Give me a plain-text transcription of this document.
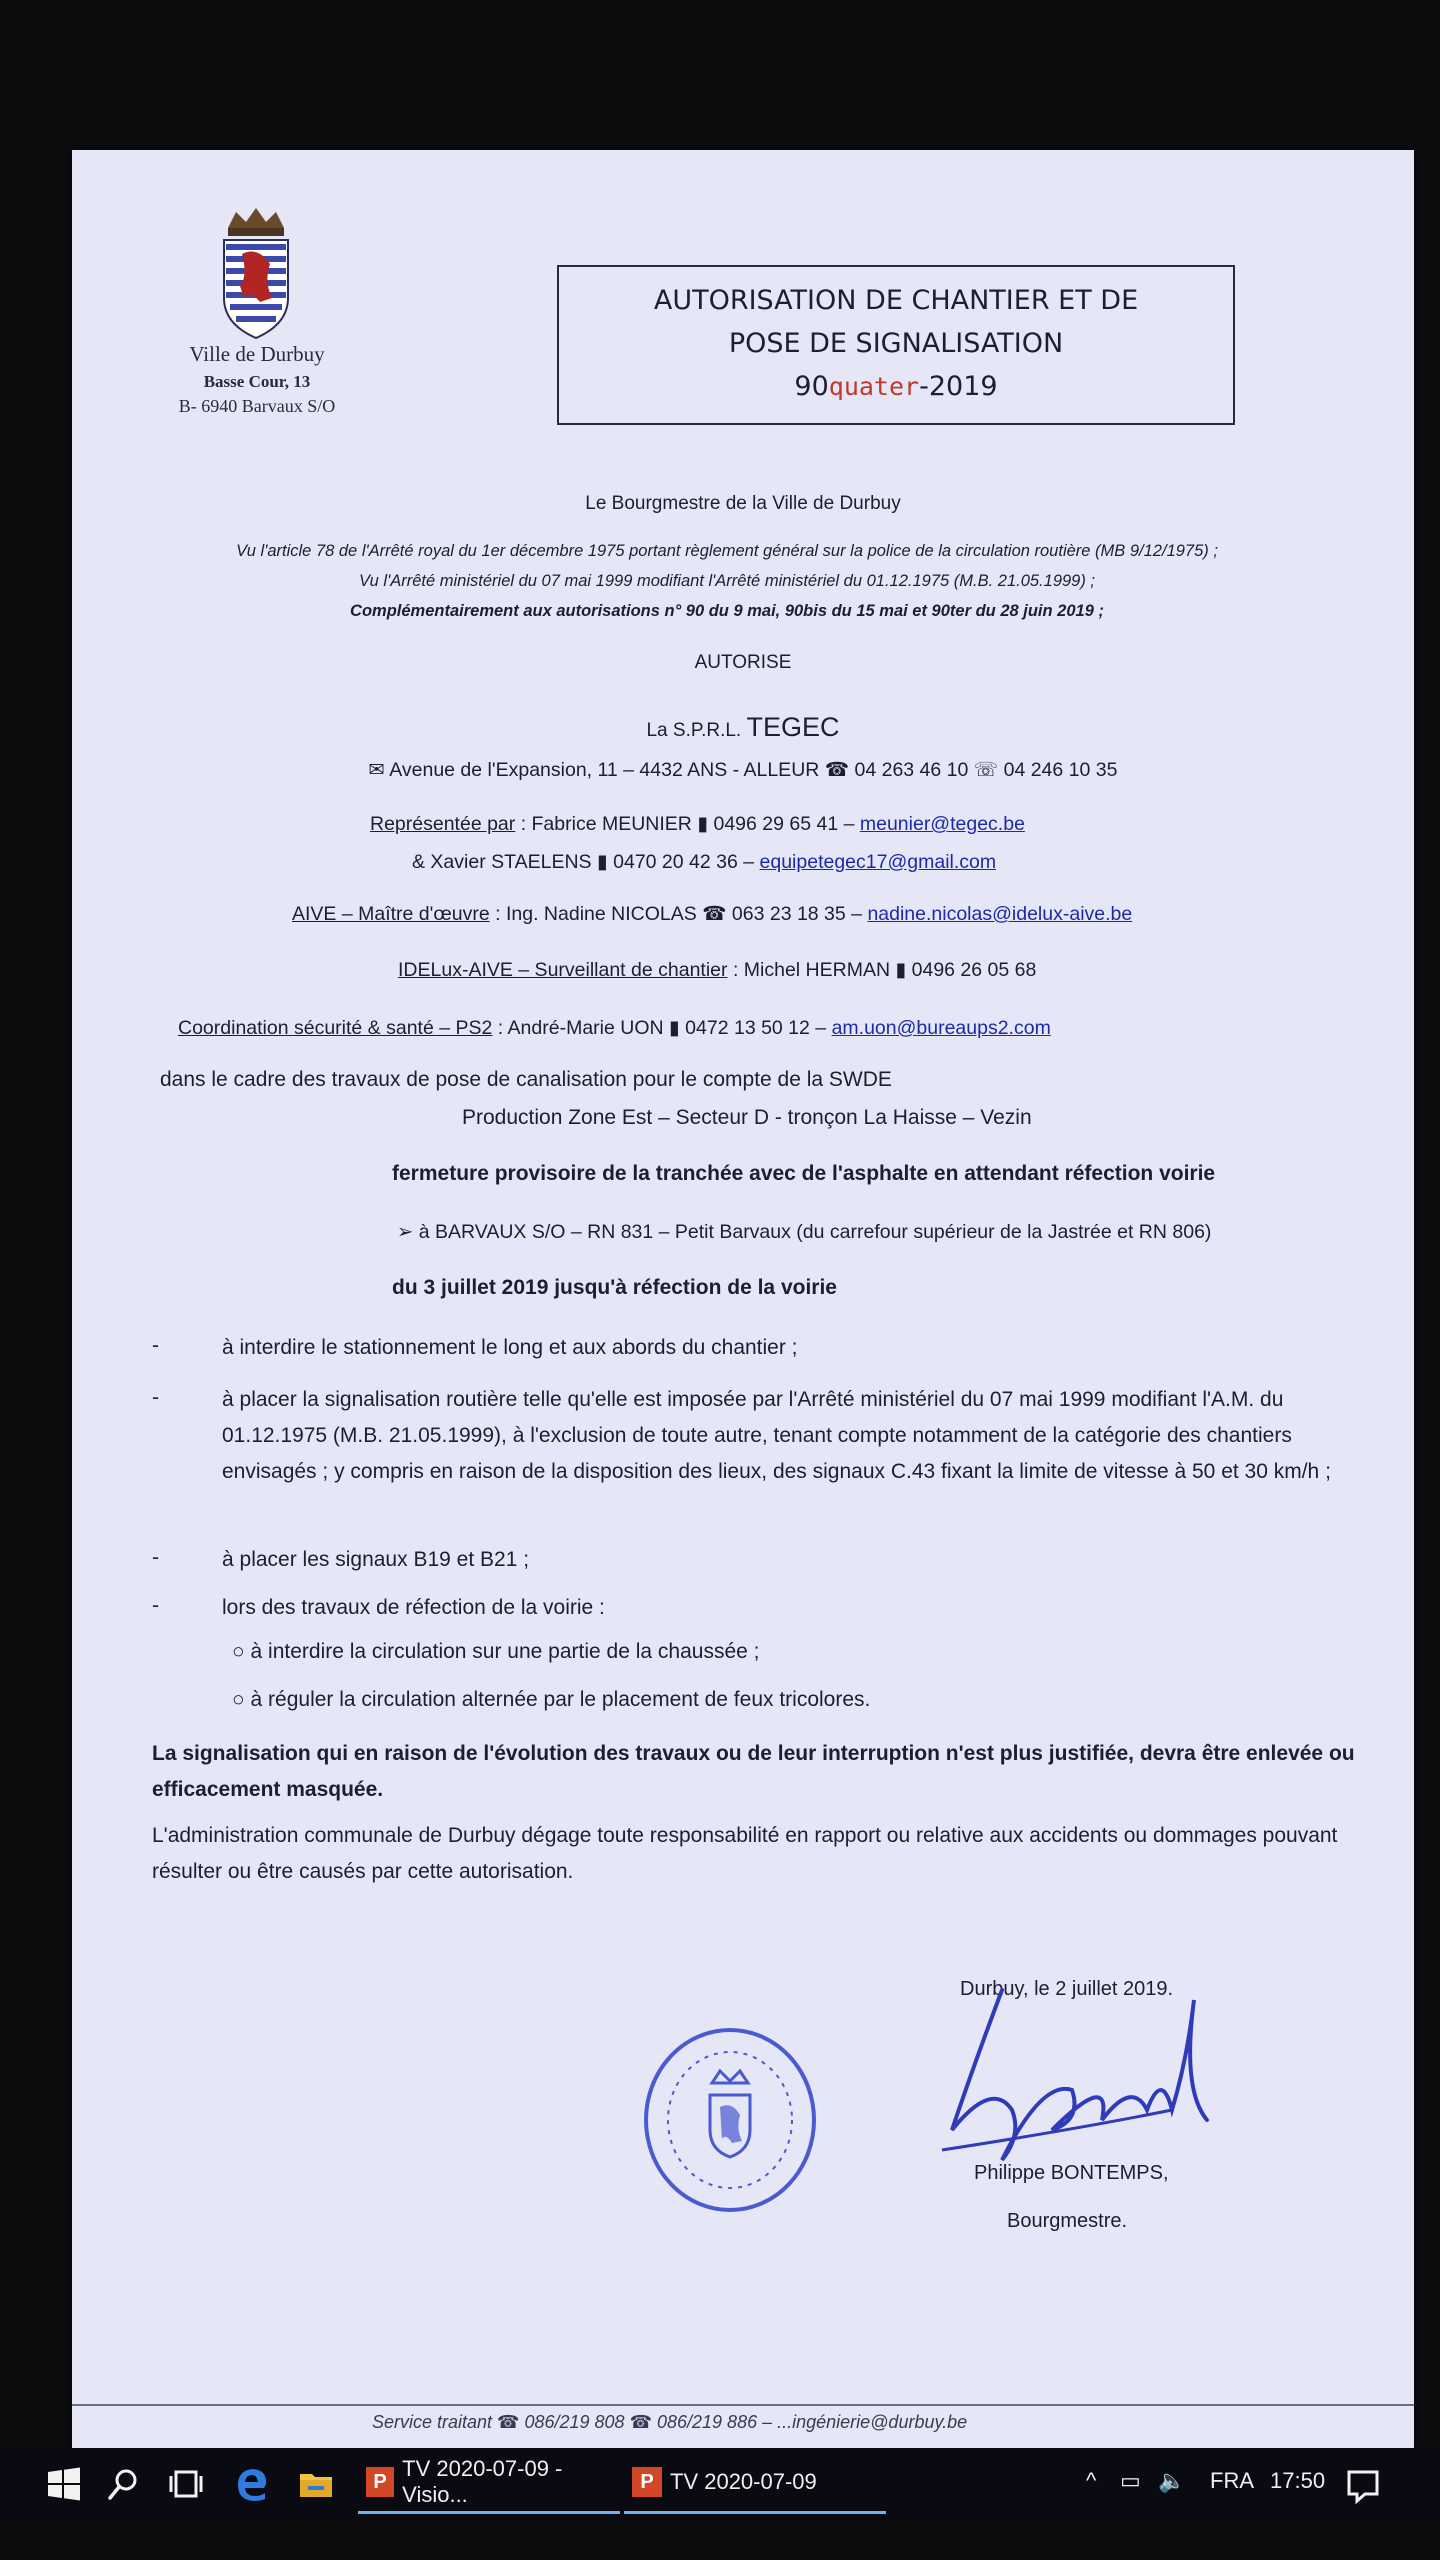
Ville de Durbuy
Basse Cour, 13
B- 6940 Barvaux S/O
AUTORISATION DE CHANTIER ET DE
POSE DE SIGNALISATION
90quater-2019
Le Bourgmestre de la Ville de Durbuy
Vu l'article 78 de l'Arrêté royal du 1er décembre 1975 portant règlement général sur la police de la circulation routière (MB 9/12/1975) ;
Vu l'Arrêté ministériel du 07 mai 1999 modifiant l'Arrêté ministériel du 01.12.1975 (M.B. 21.05.1999) ;
Complémentairement aux autorisations n° 90 du 9 mai, 90bis du 15 mai et 90ter du 28 juin 2019 ;
AUTORISE
La S.P.R.L. TEGEC
✉ Avenue de l'Expansion, 11 – 4432 ANS - ALLEUR ☎ 04 263 46 10 ☏ 04 246 10 35
Représentée par : Fabrice MEUNIER ▮ 0496 29 65 41 – meunier@tegec.be
& Xavier STAELENS ▮ 0470 20 42 36 – equipetegec17@gmail.com
AIVE – Maître d'œuvre : Ing. Nadine NICOLAS ☎ 063 23 18 35 – nadine.nicolas@idelux-aive.be
IDELux-AIVE – Surveillant de chantier : Michel HERMAN ▮ 0496 26 05 68
Coordination sécurité & santé – PS2 : André-Marie UON ▮ 0472 13 50 12 – am.uon@bureaups2.com
dans le cadre des travaux de pose de canalisation pour le compte de la SWDE
Production Zone Est – Secteur D - tronçon La Haisse – Vezin
fermeture provisoire de la tranchée avec de l'asphalte en attendant réfection voirie
➢ à BARVAUX S/O – RN 831 – Petit Barvaux (du carrefour supérieur de la Jastrée et RN 806)
du 3 juillet 2019 jusqu'à réfection de la voirie
-	à interdire le stationnement le long et aux abords du chantier ;
-	à placer la signalisation routière telle qu'elle est imposée par l'Arrêté ministériel du 07 mai 1999 modifiant l'A.M. du 01.12.1975 (M.B. 21.05.1999), à l'exclusion de toute autre, tenant compte notamment de la catégorie des chantiers envisagés ; y compris en raison de la disposition des lieux, des signaux C.43 fixant la limite de vitesse à 50 et 30 km/h ;
-	à placer les signaux B19 et B21 ;
-	lors des travaux de réfection de la voirie :
○ à interdire la circulation sur une partie de la chaussée ;
○ à réguler la circulation alternée par le placement de feux tricolores.
La signalisation qui en raison de l'évolution des travaux ou de leur interruption n'est plus justifiée, devra être enlevée ou efficacement masquée.
L'administration communale de Durbuy dégage toute responsabilité en rapport ou relative aux accidents ou dommages pouvant résulter ou être causés par cette autorisation.
Durbuy, le 2 juillet 2019.
Philippe BONTEMPS,
Bourgmestre.
Service traitant ☎ 086/219 808 ☎ 086/219 886 – ...ingénierie@durbuy.be
P
TV 2020-07-09 - Visio...	P TV 2020-07-09	^ ▭ 🔈 FRA 17:50
